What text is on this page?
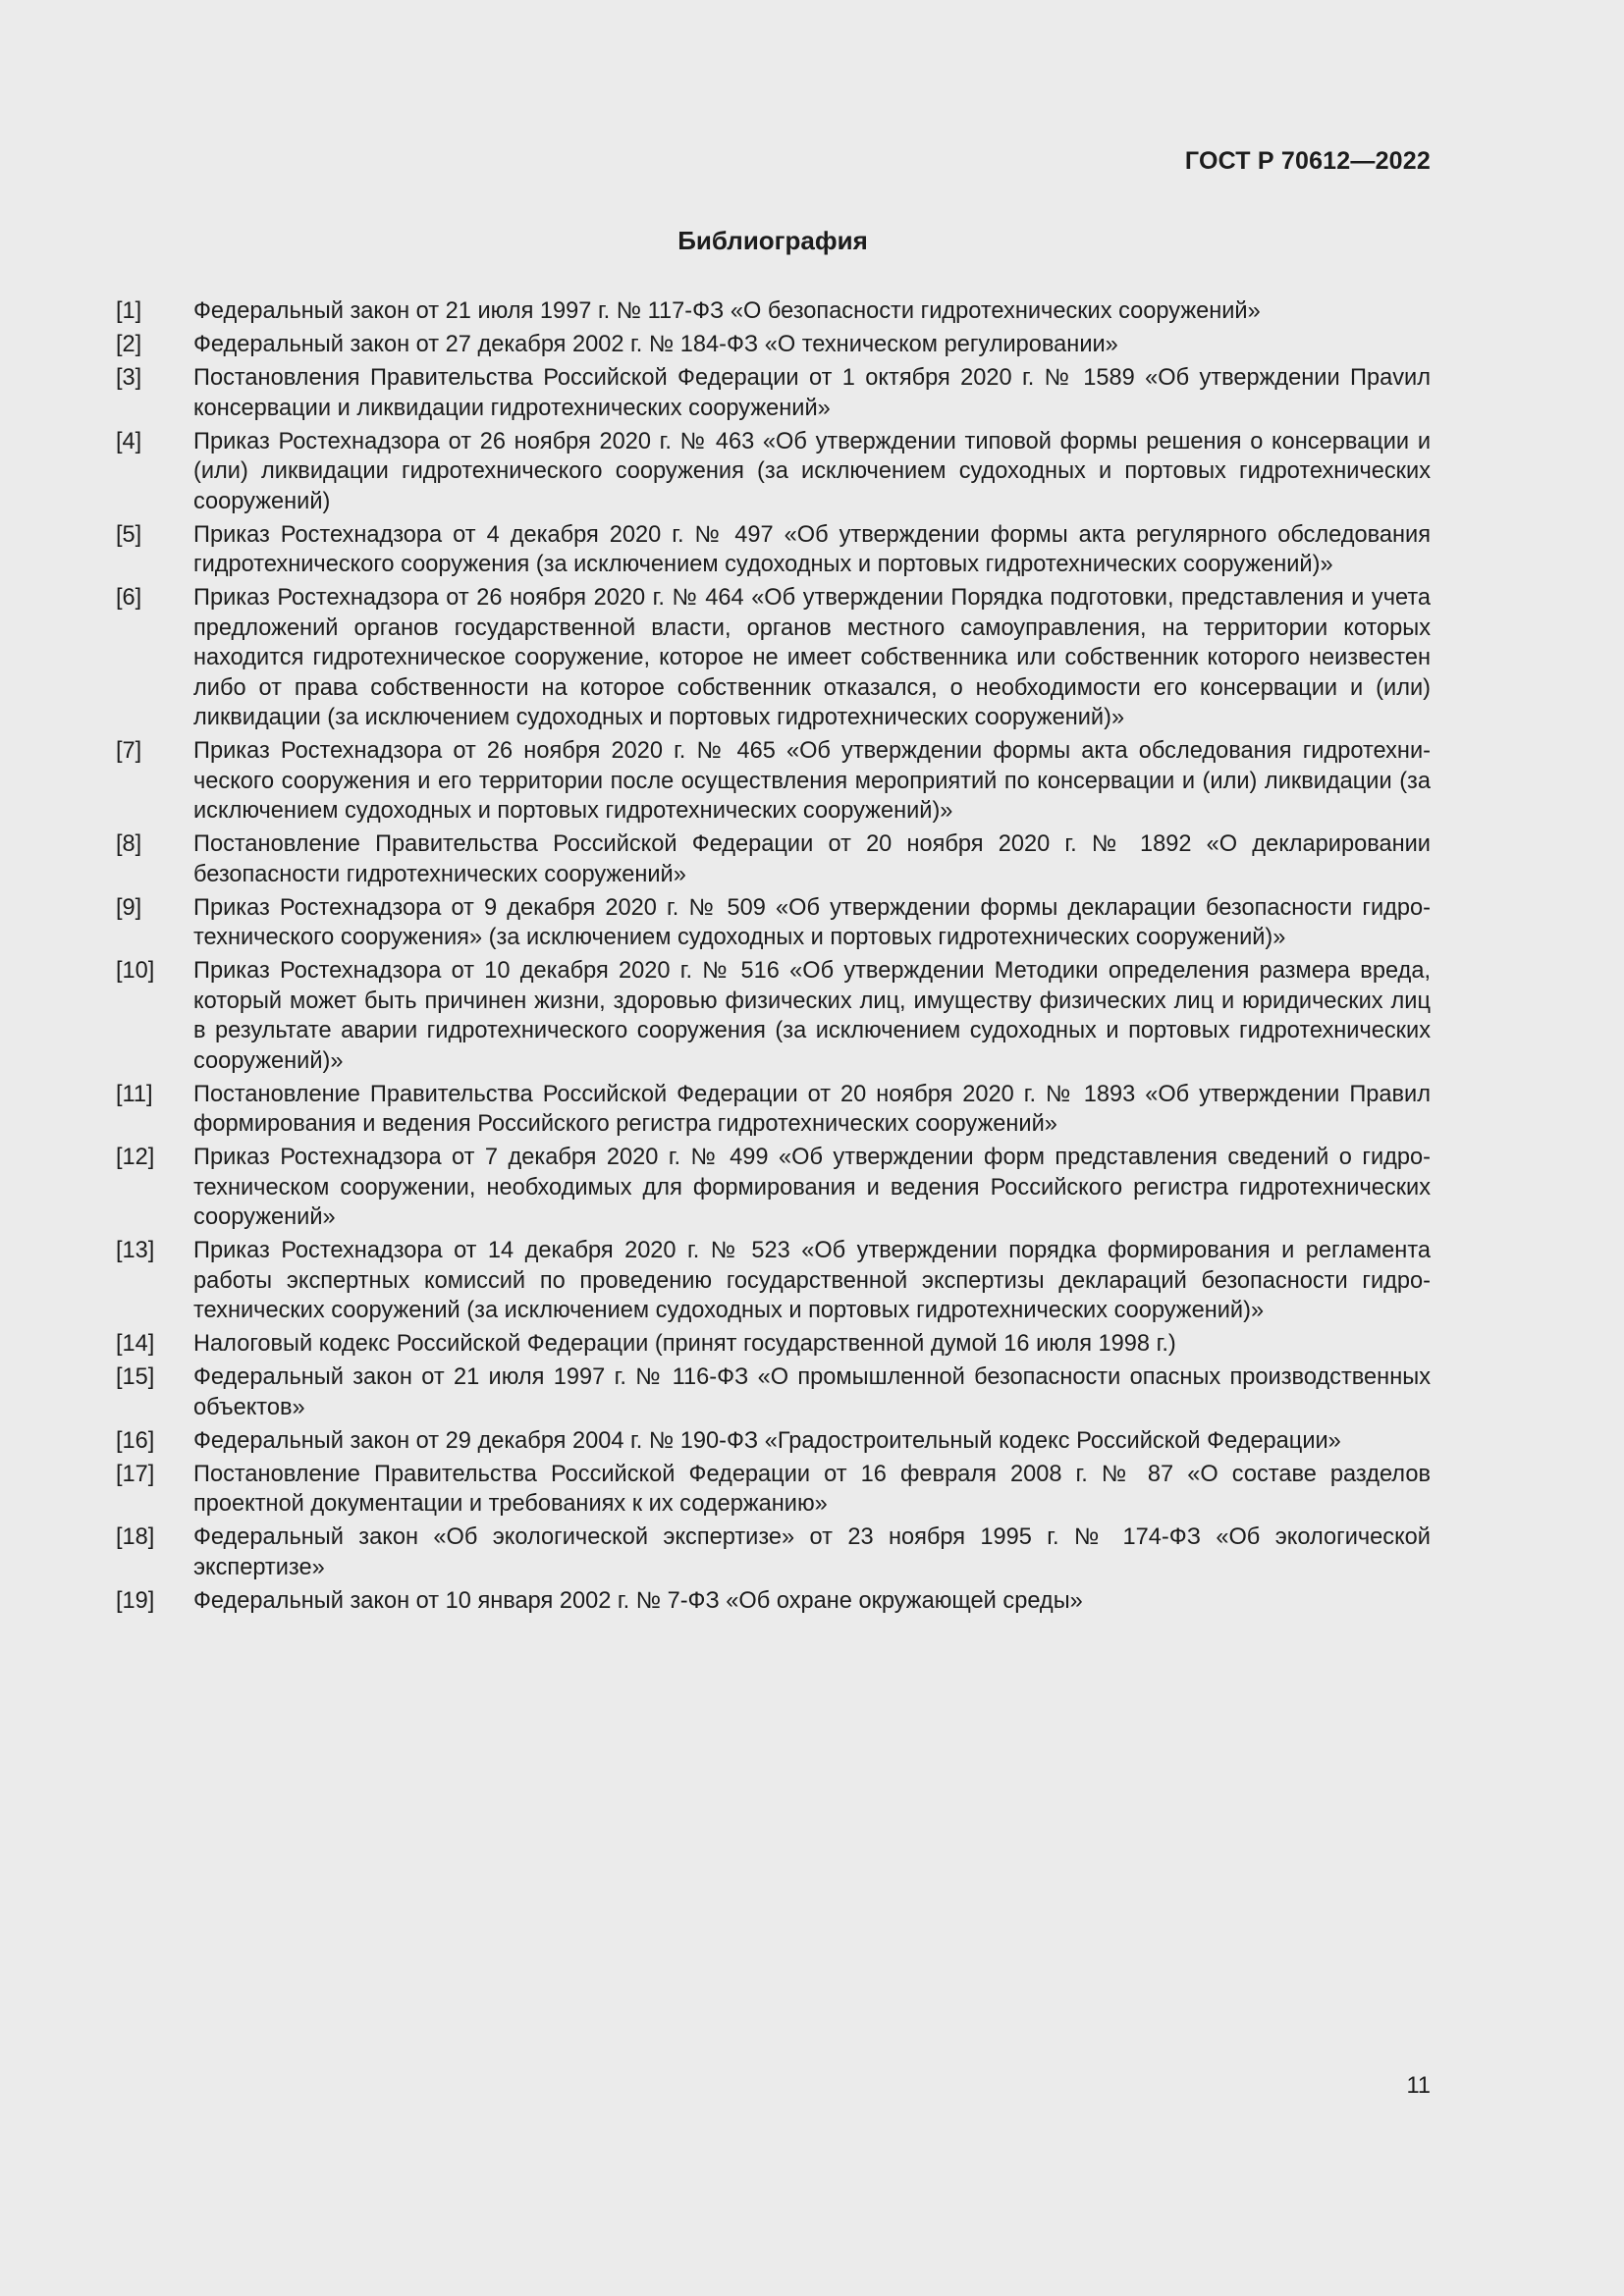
ГОСТ Р 70612—2022
Библиография
[1]	Федеральный закон от 21 июля 1997 г. № 117-ФЗ «О безопасности гидротехнических сооружений»
[2]	Федеральный закон от 27 декабря 2002 г. № 184-ФЗ «О техническом регулировании»
[3]	Постановления Правительства Российской Федерации от 1 октября 2020 г. № 1589 «Об утверждении Праvил консервации и ликвидации гидротехнических сооружений»
[4]	Приказ Ростехнадзора от 26 ноября 2020 г. № 463 «Об утверждении типовой формы решения о консервации и (или) ликвидации гидротехнического сооружения (за исключением судоходных и портовых гидротехнических сооружений)
[5]	Приказ Ростехнадзора от 4 декабря 2020 г. № 497 «Об утверждении формы акта регулярного обследования гидротехнического сооружения (за исключением судоходных и портовых гидротехнических сооружений)»
[6]	Приказ Ростехнадзора от 26 ноября 2020 г. № 464 «Об утверждении Порядка подготовки, представления и учета предложений органов государственной власти, органов местного самоуправления, на территории которых находится гидротехническое сооружение, которое не имеет собственника или собственник которого неизвестен либо от права собственности на которое собственник отказался, о необходимости его консервации и (или) ликвидации (за исключением судоходных и портовых гидротехнических сооружений)»
[7]	Приказ Ростехнадзора от 26 ноября 2020 г. № 465 «Об утверждении формы акта обследования гидротехнического сооружения и его территории после осуществления мероприятий по консервации и (или) ликвидации (за исключением судоходных и портовых гидротехнических сооружений)»
[8]	Постановление Правительства Российской Федерации от 20 ноября 2020 г. № 1892 «О декларировании безопасности гидротехнических сооружений»
[9]	Приказ Ростехнадзора от 9 декабря 2020 г. № 509 «Об утверждении формы декларации безопасности гидротехнического сооружения» (за исключением судоходных и портовых гидротехнических сооружений)»
[10]	Приказ Ростехнадзора от 10 декабря 2020 г. № 516 «Об утверждении Методики определения размера вреда, который может быть причинен жизни, здоровью физических лиц, имуществу физических лиц и юридических лиц в результате аварии гидротехнического сооружения (за исключением судоходных и портовых гидротехнических сооружений)»
[11]	Постановление Правительства Российской Федерации от 20 ноября 2020 г. № 1893 «Об утверждении Правил формирования и ведения Российского регистра гидротехнических сооружений»
[12]	Приказ Ростехнадзора от 7 декабря 2020 г. № 499 «Об утверждении форм представления сведений о гидротехническом сооружении, необходимых для формирования и ведения Российского регистра гидротехнических сооружений»
[13]	Приказ Ростехнадзора от 14 декабря 2020 г. № 523 «Об утверждении порядка формирования и регламента работы экспертных комиссий по проведению государственной экспертизы деклараций безопасности гидротехнических сооружений (за исключением судоходных и портовых гидротехнических сооружений)»
[14]	Налоговый кодекс Российской Федерации (принят государственной думой 16 июля 1998 г.)
[15]	Федеральный закон от 21 июля 1997 г. № 116-ФЗ «О промышленной безопасности опасных производственных объектов»
[16]	Федеральный закон от 29 декабря 2004 г. № 190-ФЗ «Градостроительный кодекс Российской Федерации»
[17]	Постановление Правительства Российской Федерации от 16 февраля 2008 г. № 87 «О составе разделов проектной документации и требованиях к их содержанию»
[18]	Федеральный закон «Об экологической экспертизе» от 23 ноября 1995 г. № 174-ФЗ «Об экологической экспертизе»
[19]	Федеральный закон от 10 января 2002 г. № 7-ФЗ «Об охране окружающей среды»
11
